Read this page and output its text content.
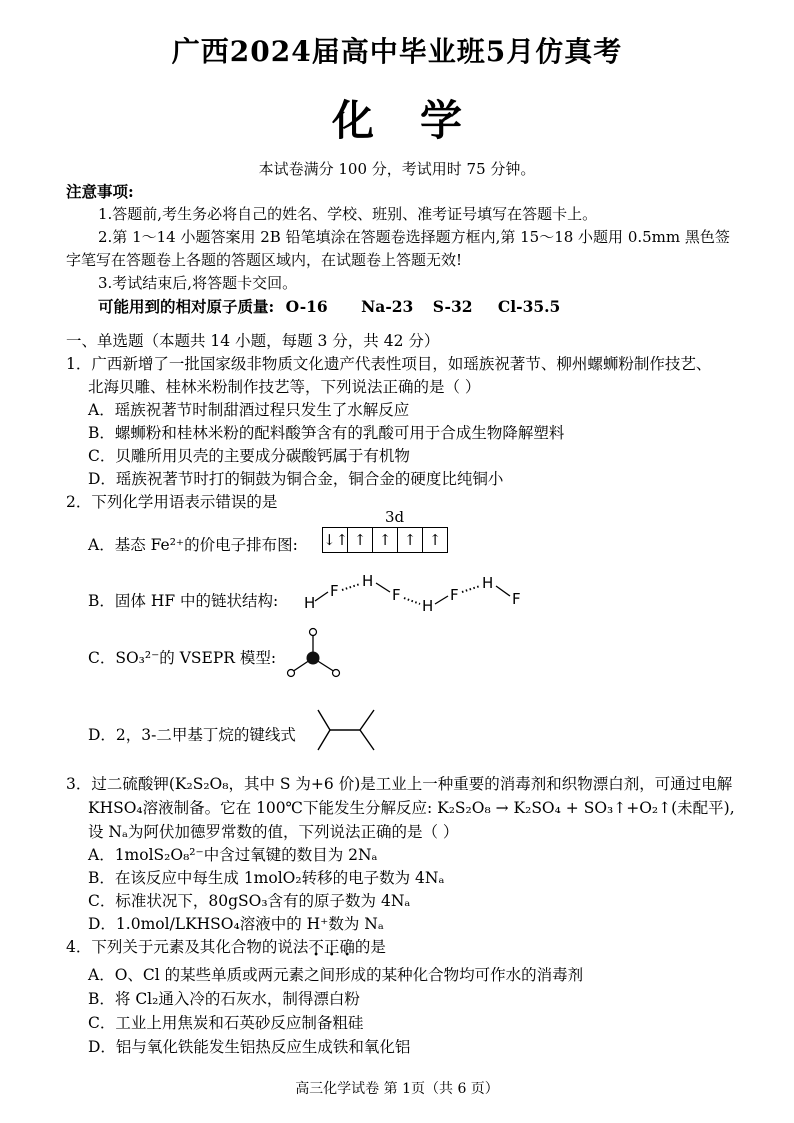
广西2024届高中毕业班5月仿真考
化学
本试卷满分 100 分，考试用时 75 分钟。
注意事项:
1.答题前,考生务必将自己的姓名、学校、班别、准考证号填写在答题卡上。
2.第 1～14 小题答案用 2B 铅笔填涂在答题卷选择题方框内,第 15～18 小题用 0.5mm 黑色签
字笔写在答题卷上各题的答题区域内，在试题卷上答题无效!
3.考试结束后,将答题卡交回。
可能用到的相对原子质量: O-16 Na-23 S-32 Cl-35.5
一、单选题（本题共 14 小题，每题 3 分，共 42 分）
1．广西新增了一批国家级非物质文化遗产代表性项目，如瑶族祝著节、柳州螺蛳粉制作技艺、
北海贝雕、桂林米粉制作技艺等，下列说法正确的是（ ）
A．瑶族祝著节时制甜酒过程只发生了水解反应
B．螺蛳粉和桂林米粉的配料酸笋含有的乳酸可用于合成生物降解塑料
C．贝雕所用贝壳的主要成分碳酸钙属于有机物
D．瑶族祝著节时打的铜鼓为铜合金，铜合金的硬度比纯铜小
2．下列化学用语表示错误的是
A．基态 Fe²⁺的价电子排布图:
3d
↓↑ ↑ ↑ ↑ ↑
B．固体 HF 中的链状结构: H
F
H
F
H
F
H
F
C．SO₃²⁻的 VSEPR 模型:
D．2，3-二甲基丁烷的键线式
3．过二硫酸钾(K₂S₂O₈，其中 S 为+6 价)是工业上一种重要的消毒剂和织物漂白剂，可通过电解
KHSO₄溶液制备。它在 100℃下能发生分解反应: K₂S₂O₈ → K₂SO₄ + SO₃↑+O₂↑(未配平),
设 Nₐ为阿伏加德罗常数的值，下列说法正确的是（ ）
A．1molS₂O₈²⁻中含过氧键的数目为 2Nₐ
B．在该反应中每生成 1molO₂转移的电子数为 4Nₐ
C．标准状况下，80gSO₃含有的原子数为 4Nₐ
D．1.0mol/LKHSO₄溶液中的 H⁺数为 Nₐ
4．下列关于元素及其化合物的说法不正确的是
A．O、Cl 的某些单质或两元素之间形成的某种化合物均可作水的消毒剂
B．将 Cl₂通入冷的石灰水，制得漂白粉
C．工业上用焦炭和石英砂反应制备粗硅
D．铝与氧化铁能发生铝热反应生成铁和氧化铝
高三化学试卷 第 1页（共 6 页）
